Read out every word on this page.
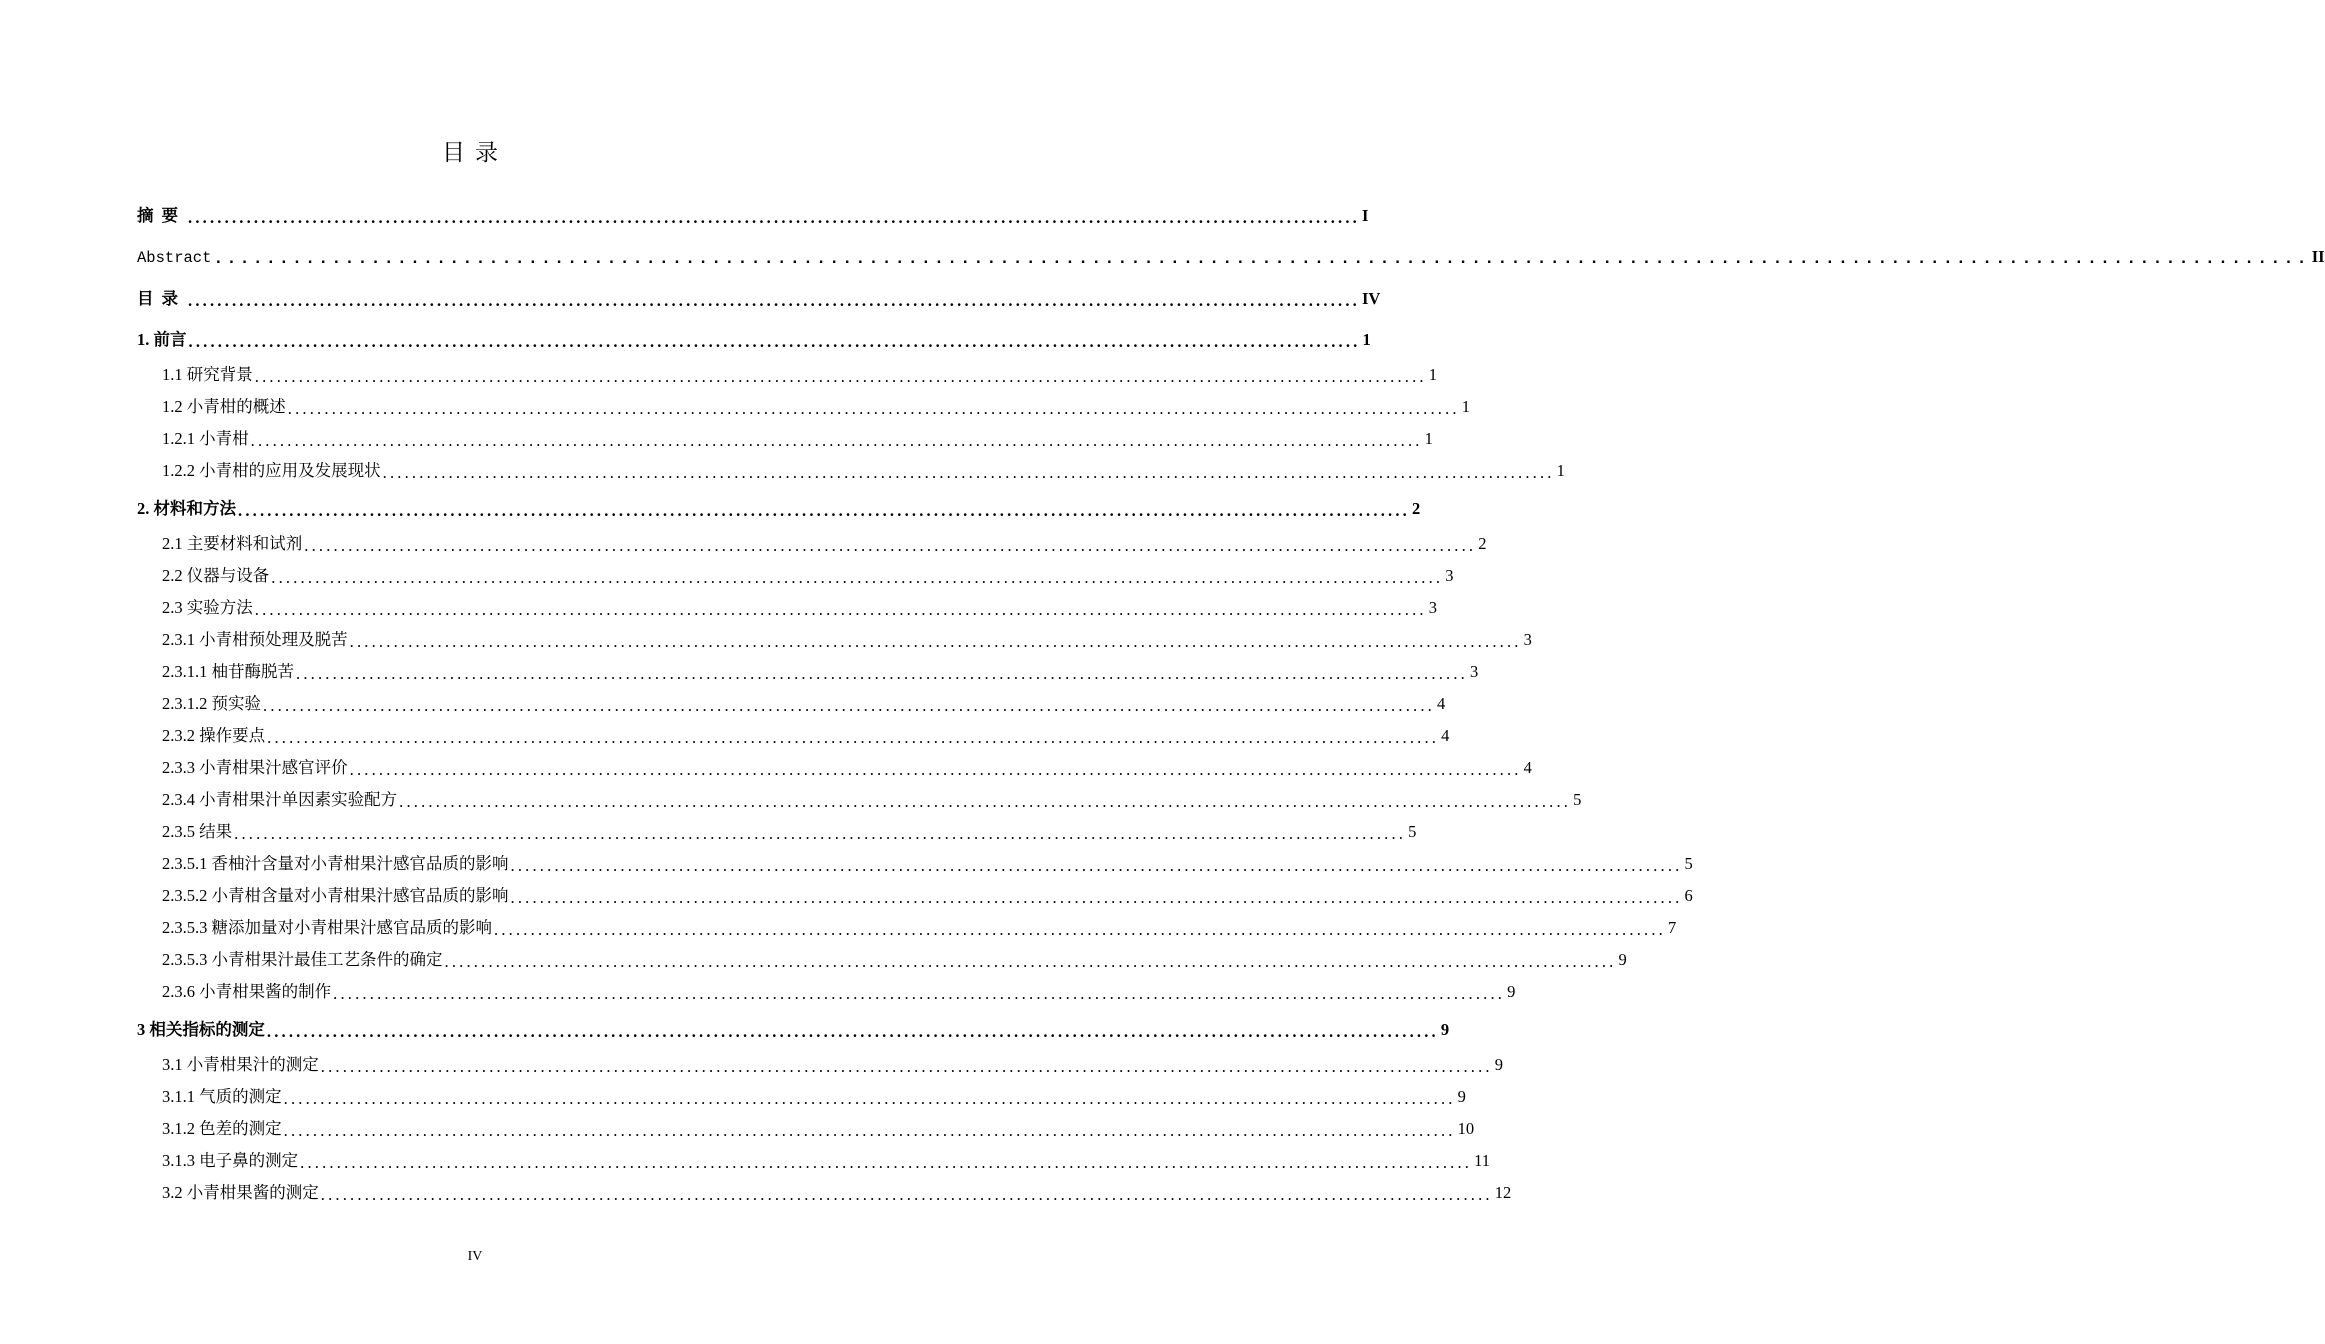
目录
摘要 ................................................................................................................................................................ I
Abstract ................................................................................................................................................................ II
目录 ................................................................................................................................................................ IV
1. 前言 ................................................................................................................................................................ 1
1.1 研究背景 ................................................................................................................................................................ 1
1.2 小青柑的概述 ................................................................................................................................................................ 1
1.2.1 小青柑 ................................................................................................................................................................ 1
1.2.2 小青柑的应用及发展现状 ................................................................................................................................................................ 1
2. 材料和方法 ................................................................................................................................................................ 2
2.1 主要材料和试剂 ................................................................................................................................................................ 2
2.2 仪器与设备 ................................................................................................................................................................ 3
2.3 实验方法 ................................................................................................................................................................ 3
2.3.1 小青柑预处理及脱苦 ................................................................................................................................................................ 3
2.3.1.1 柚苷酶脱苦 ................................................................................................................................................................ 3
2.3.1.2 预实验 ................................................................................................................................................................ 4
2.3.2 操作要点 ................................................................................................................................................................ 4
2.3.3 小青柑果汁感官评价 ................................................................................................................................................................ 4
2.3.4 小青柑果汁单因素实验配方 ................................................................................................................................................................ 5
2.3.5 结果 ................................................................................................................................................................ 5
2.3.5.1 香柚汁含量对小青柑果汁感官品质的影响 ................................................................................................................................................................ 5
2.3.5.2 小青柑含量对小青柑果汁感官品质的影响 ................................................................................................................................................................ 6
2.3.5.3 糖添加量对小青柑果汁感官品质的影响 ................................................................................................................................................................ 7
2.3.5.3 小青柑果汁最佳工艺条件的确定 ................................................................................................................................................................ 9
2.3.6 小青柑果酱的制作 ................................................................................................................................................................ 9
3 相关指标的测定 ................................................................................................................................................................ 9
3.1 小青柑果汁的测定 ................................................................................................................................................................ 9
3.1.1 气质的测定 ................................................................................................................................................................ 9
3.1.2 色差的测定 ................................................................................................................................................................ 10
3.1.3 电子鼻的测定 ................................................................................................................................................................ 11
3.2 小青柑果酱的测定 ................................................................................................................................................................ 12
IV
